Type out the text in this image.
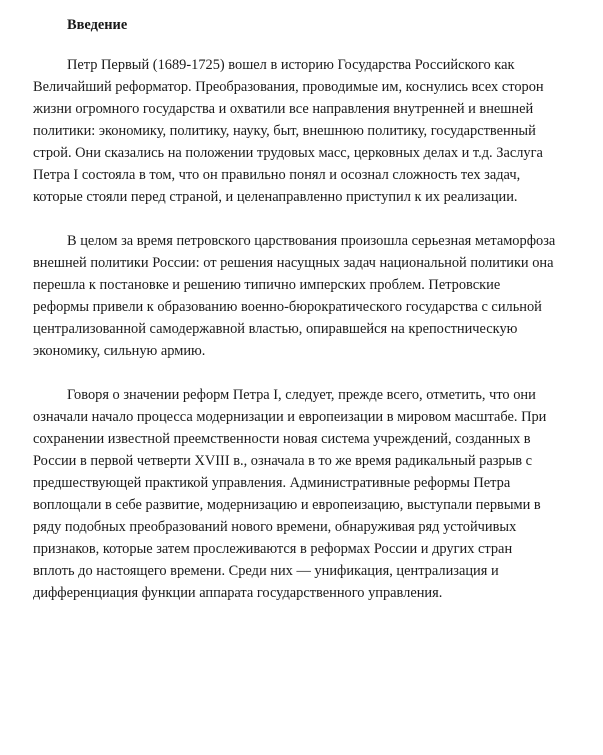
Введение
Петр Первый (1689-1725) вошел в историю Государства Российского как
Величайший реформатор. Преобразования, проводимые им, коснулись всех сторон
жизни огромного государства и охватили все направления внутренней и внешней
политики: экономику, политику, науку, быт, внешнюю политику, государственный
строй. Они сказались на положении трудовых масс, церковных делах и т.д. Заслуга
Петра I состояла в том, что он правильно понял и осознал сложность тех задач,
которые стояли перед страной, и целенаправленно приступил к их реализации.
В целом за время петровского царствования произошла серьезная метаморфоза
внешней политики России: от решения насущных задач национальной политики она
перешла к постановке и решению типично имперских проблем. Петровские
реформы привели к образованию военно-бюрократического государства с сильной
централизованной самодержавной властью, опиравшейся на крепостническую
экономику, сильную армию.
Говоря о значении реформ Петра I, следует, прежде всего, отметить, что они
означали начало процесса модернизации и европеизации в мировом масштабе. При
сохранении известной преемственности новая система учреждений, созданных в
России в первой четверти XVIII в., означала в то же время радикальный разрыв с
предшествующей практикой управления. Административные реформы Петра
воплощали в себе развитие, модернизацию и европеизацию, выступали первыми в
ряду подобных преобразований нового времени, обнаруживая ряд устойчивых
признаков, которые затем прослеживаются в реформах России и других стран
вплоть до настоящего времени. Среди них — унификация, централизация и
дифференциация функции аппарата государственного управления.
